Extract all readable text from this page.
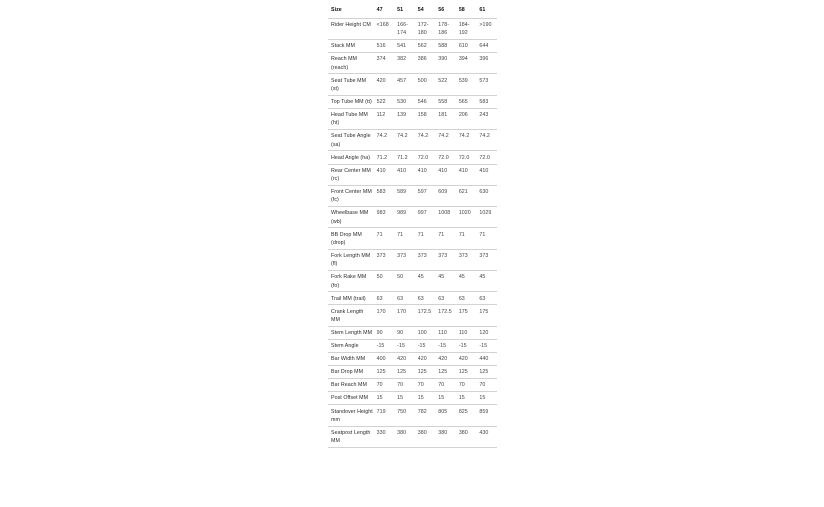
Size	47	51	54	56	58	61
Rider Height CM	<168	166-174	172-180	178-186	184-192	>190
Stack MM	516	541	562	588	610	644
Reach MM (reach)	374	382	386	390	394	396
Seat Tube MM (st)	420	457	500	522	539	573
Top Tube MM (tt)	522	530	546	558	565	583
Head Tube MM (ht)	112	139	158	181	206	243
Seat Tube Angle (sa)	74.2	74.2	74.2	74.2	74.2	74.2
Head Angle (ha)	71.2	71.2	72.0	72.0	72.0	72.0
Rear Center MM (rc)	410	410	410	410	410	410
Front Center MM (fc)	583	589	597	609	621	630
Wheelbase MM (wb)	983	989	997	1008	1020	1029
BB Drop MM (drop)	71	71	71	71	71	71
Fork Length MM (fl)	373	373	373	373	373	373
Fork Rake MM (fo)	50	50	45	45	45	45
Trail MM (trail)	63	63	63	63	63	63
Crank Length MM	170	170	172.5	172.5	175	175
Stem Length MM	90	90	100	110	110	120
Stem Angle	-15	-15	-15	-15	-15	-15
Bar Width MM	400	420	420	420	420	440
Bar Drop MM	125	125	125	125	125	125
Bar Reach MM	70	70	70	70	70	70
Post Offset MM	15	15	15	15	15	15
Standover Height mm	719	750	782	805	825	859
Seatpost Length MM	330	380	380	380	380	430
